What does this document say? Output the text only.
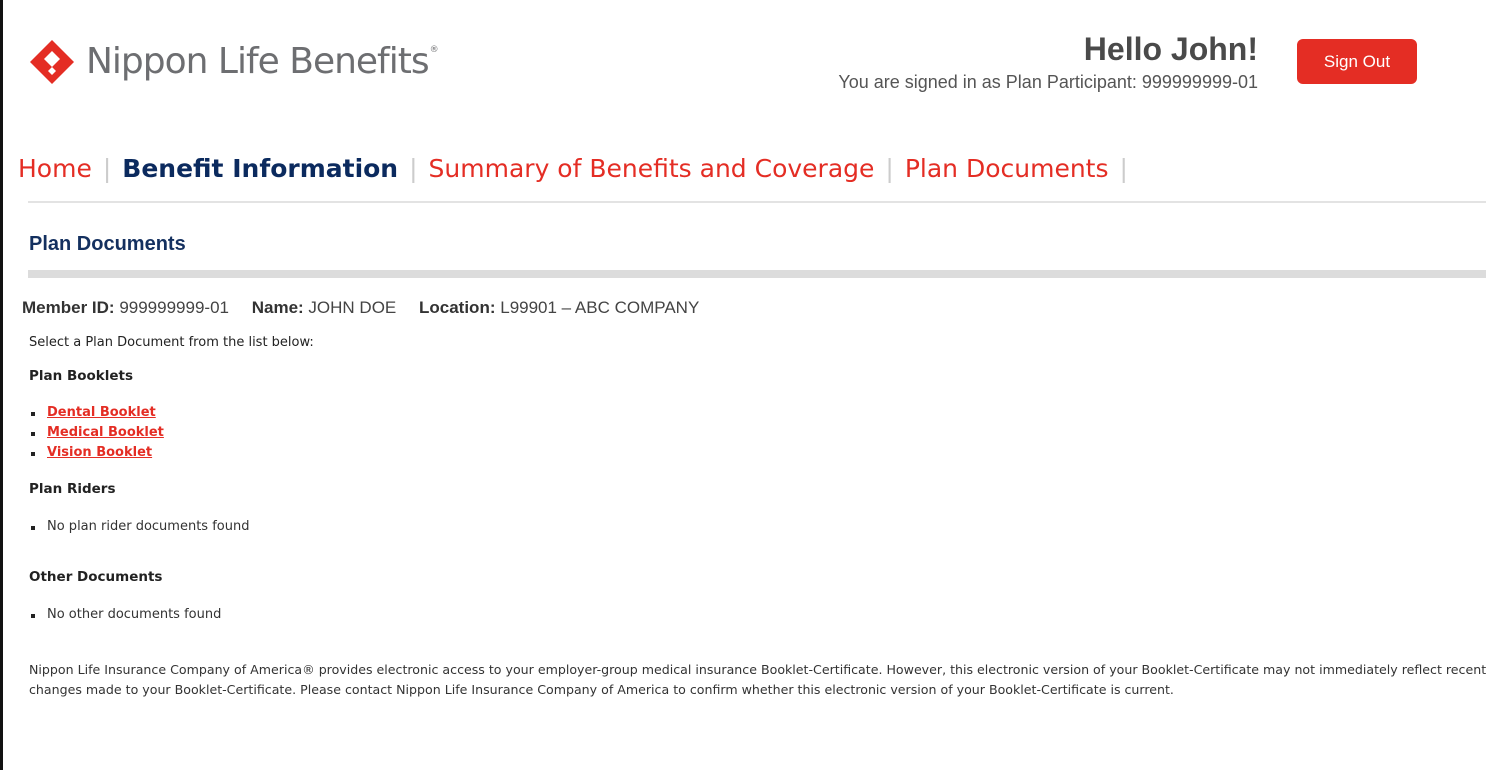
Nippon Life Benefits®	Hello John!
You are signed in as Plan Participant: 999999999-01
Sign Out
Home | Benefit Information | Summary of Benefits and Coverage | Plan Documents |
Plan Documents
Member ID: 999999999-01 Name: JOHN DOE Location: L99901 – ABC COMPANY
Select a Plan Document from the list below:
Plan Booklets
Dental Booklet
Medical Booklet
Vision Booklet
Plan Riders
No plan rider documents found
Other Documents
No other documents found

Nippon Life Insurance Company of America® provides electronic access to your employer-group medical insurance Booklet-Certificate. However, this electronic version of your Booklet-Certificate may not immediately reflect recent changes made to your Booklet-Certificate. Please contact Nippon Life Insurance Company of America to confirm whether this electronic version of your Booklet-Certificate is current.
